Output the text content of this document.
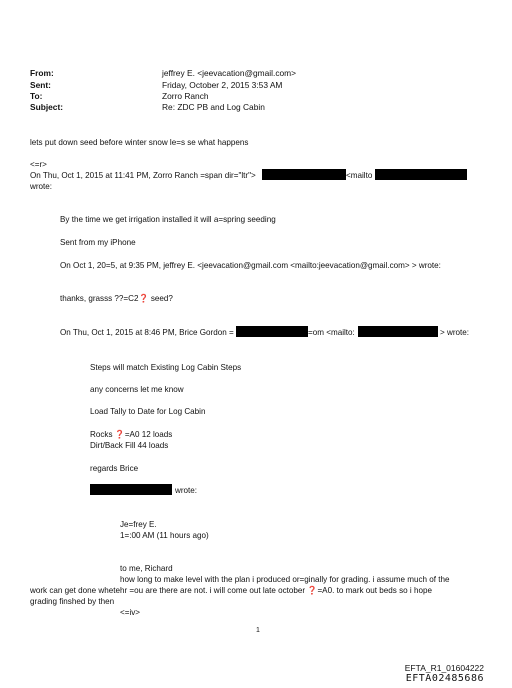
From:	jeffrey E. <jeevacation@gmail.com>
Sent:	Friday, October 2, 2015 3:53 AM
To:	Zorro Ranch
Subject:	Re: ZDC PB and Log Cabin
lets put down seed before winter snow le=s se what happens
<=r>
On Thu, Oct 1, 2015 at 11:41 PM, Zorro Ranch =span dir="ltr">	<mailto
wrote:
By the time we get irrigation installed it will a=spring seeding
Sent from my iPhone
On Oct 1, 20=5, at 9:35 PM, jeffrey E. <jeevacation@gmail.com <mailto:jeevacation@gmail.com> > wrote:
thanks, grasss ??=C2❓ seed?
On Thu, Oct 1, 2015 at 8:46 PM, Brice Gordon =	=om <mailto:	> wrote:
Steps will match Existing Log Cabin Steps
any concerns let me know
Load Tally to Date for Log Cabin
Rocks ❓=A0 12 loads
Dirt/Back Fill 44 loads
regards Brice
wrote:
Je=frey E.
1=:00 AM (11 hours ago)
to me, Richard
how long to make level with the plan i produced or=ginally for grading. i assume much of the
work can get done whetehr =ou are there are not. i will come out late october ❓=A0. to mark out beds so i hope
grading finshed by then
<=iv>
1
EFTA_R1_01604222
EFTA02485686
